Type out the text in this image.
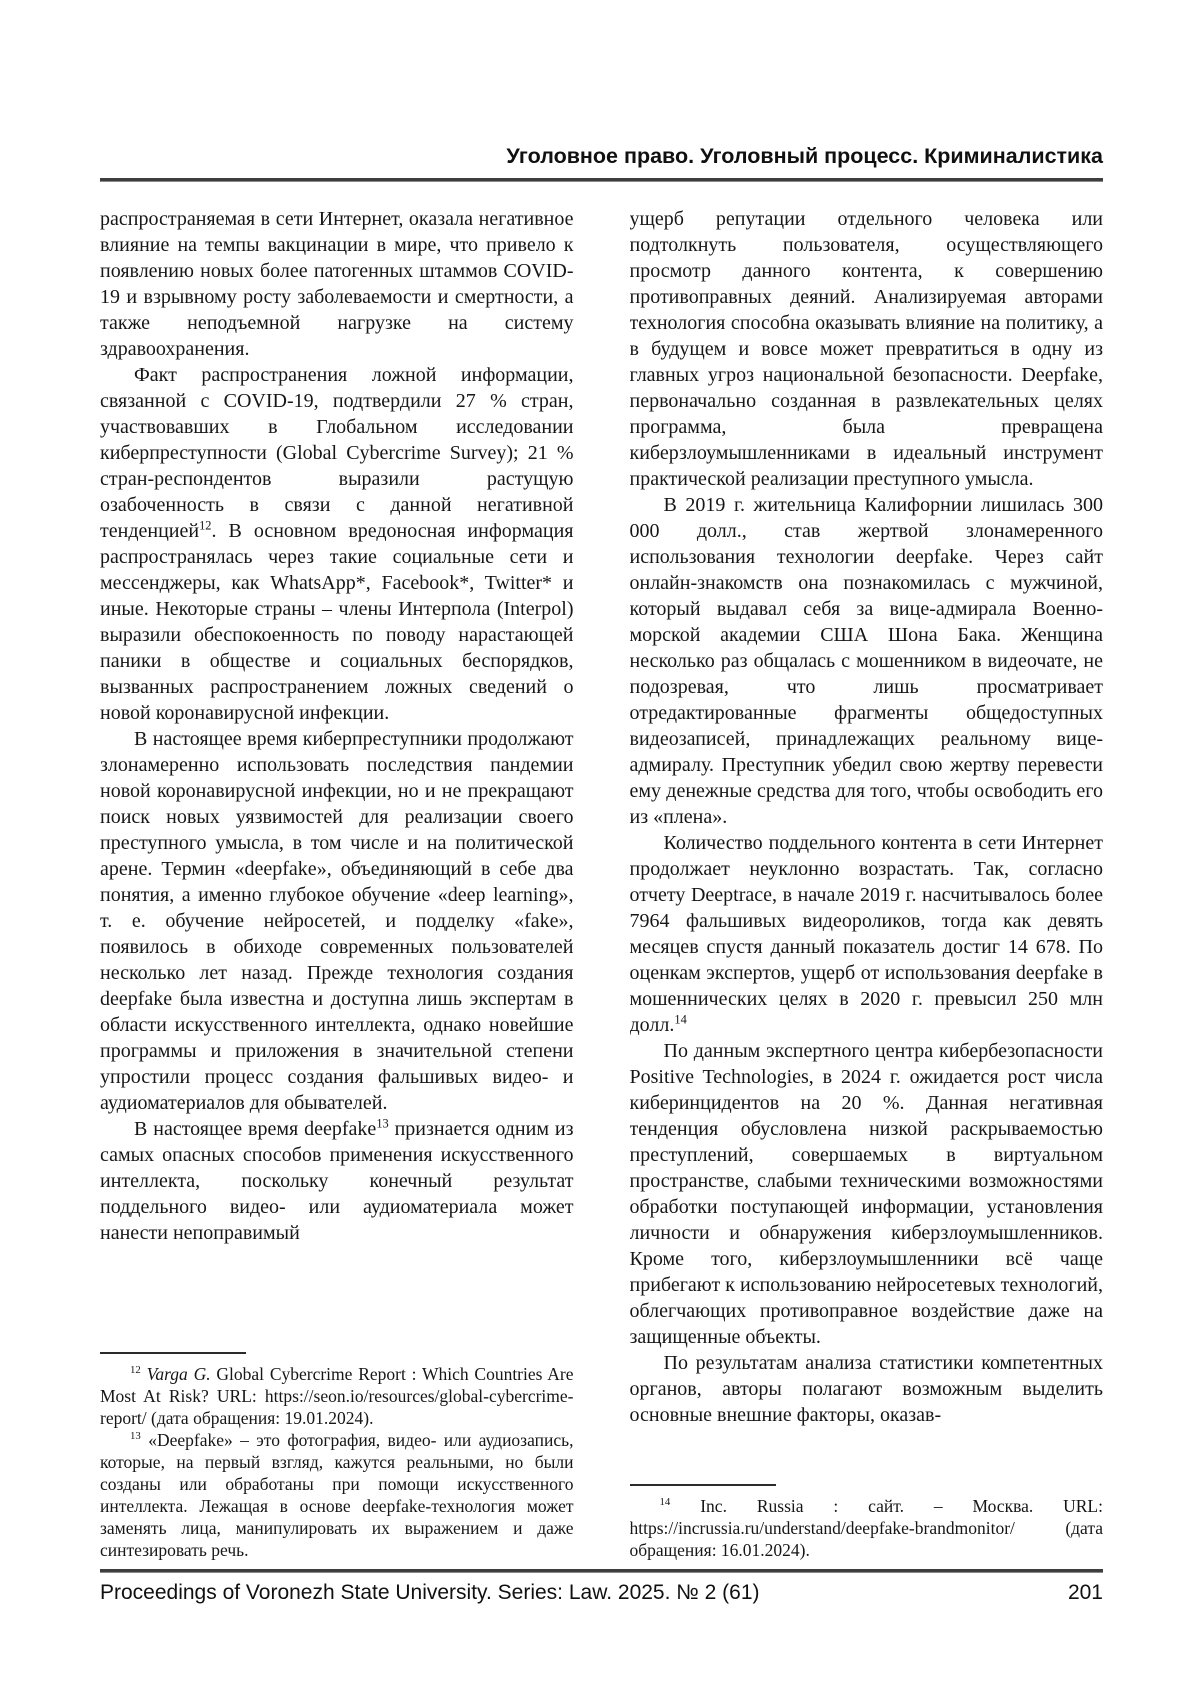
Уголовное право. Уголовный процесс. Криминалистика

распространяемая в сети Интернет, оказала негативное влияние на темпы вакцинации в мире, что привело к появлению новых более патогенных штаммов COVID-19 и взрывному росту заболеваемости и смертности, а также неподъемной нагрузке на систему здравоохранения.

Факт распространения ложной информации, связанной с COVID-19, подтвердили 27 % стран, участвовавших в Глобальном исследовании киберпреступности (Global Cybercrime Survey); 21 % стран-респондентов выразили растущую озабоченность в связи с данной негативной тенденцией$^{12}$. В основном вредоносная информация распространялась через такие социальные сети и мессенджеры, как WhatsApp*, Facebook*, Twitter* и иные. Некоторые страны – члены Интерпола (Interpol) выразили обеспокоенность по поводу нарастающей паники в обществе и социальных беспорядков, вызванных распространением ложных сведений о новой коронавирусной инфекции.

В настоящее время киберпреступники продолжают злонамеренно использовать последствия пандемии новой коронавирусной инфекции, но и не прекращают поиск новых уязвимостей для реализации своего преступного умысла, в том числе и на политической арене. Термин «deepfake», объединяющий в себе два понятия, а именно глубокое обучение «deep learning», т. е. обучение нейросетей, и подделку «fake», появилось в обиходе современных пользователей несколько лет назад. Прежде технология создания deepfake была известна и доступна лишь экспертам в области искусственного интеллекта, однако новейшие программы и приложения в значительной степени упростили процесс создания фальшивых видео- и аудиоматериалов для обывателей.

В настоящее время deepfake$^{13}$ признается одним из самых опасных способов применения искусственного интеллекта, поскольку конечный результат поддельного видео- или аудиоматериала может нанести непоправимый

$^{12}$ Varga G. Global Cybercrime Report : Which Countries Are Most At Risk? URL: https://seon.io/resources/global-cybercrime-report/ (дата обращения: 19.01.2024).

$^{13}$ «Deepfake» – это фотография, видео- или аудиозапись, которые, на первый взгляд, кажутся реальными, но были созданы или обработаны при помощи искусственного интеллекта. Лежащая в основе deepfake-технология может заменять лица, манипулировать их выражением и даже синтезировать речь.

ущерб репутации отдельного человека или подтолкнуть пользователя, осуществляющего просмотр данного контента, к совершению противоправных деяний. Анализируемая авторами технология способна оказывать влияние на политику, а в будущем и вовсе может превратиться в одну из главных угроз национальной безопасности. Deepfake, первоначально созданная в развлекательных целях программа, была превращена киберзлоумышленниками в идеальный инструмент практической реализации преступного умысла.

В 2019 г. жительница Калифорнии лишилась 300 000 долл., став жертвой злонамеренного использования технологии deepfake. Через сайт онлайн-знакомств она познакомилась с мужчиной, который выдавал себя за вице-адмирала Военно-морской академии США Шона Бака. Женщина несколько раз общалась с мошенником в видеочате, не подозревая, что лишь просматривает отредактированные фрагменты общедоступных видеозаписей, принадлежащих реальному вице-адмиралу. Преступник убедил свою жертву перевести ему денежные средства для того, чтобы освободить его из «плена».

Количество поддельного контента в сети Интернет продолжает неуклонно возрастать. Так, согласно отчету Deeptrace, в начале 2019 г. насчитывалось более 7964 фальшивых видеороликов, тогда как девять месяцев спустя данный показатель достиг 14 678. По оценкам экспертов, ущерб от использования deepfake в мошеннических целях в 2020 г. превысил 250 млн долл.$^{14}$

По данным экспертного центра кибербезопасности Positive Technologies, в 2024 г. ожидается рост числа киберинцидентов на 20 %. Данная негативная тенденция обусловлена низкой раскрываемостью преступлений, совершаемых в виртуальном пространстве, слабыми техническими возможностями обработки поступающей информации, установления личности и обнаружения киберзлоумышленников. Кроме того, киберзлоумышленники всё чаще прибегают к использованию нейросетевых технологий, облегчающих противоправное воздействие даже на защищенные объекты.

По результатам анализа статистики компетентных органов, авторы полагают возможным выделить основные внешние факторы, оказав-

$^{14}$ Inc. Russia : сайт. – Москва. URL: https://incrussia.ru/understand/deepfake-brandmonitor/ (дата обращения: 16.01.2024).

Proceedings of Voronezh State University. Series: Law. 2025. № 2 (61)	201
